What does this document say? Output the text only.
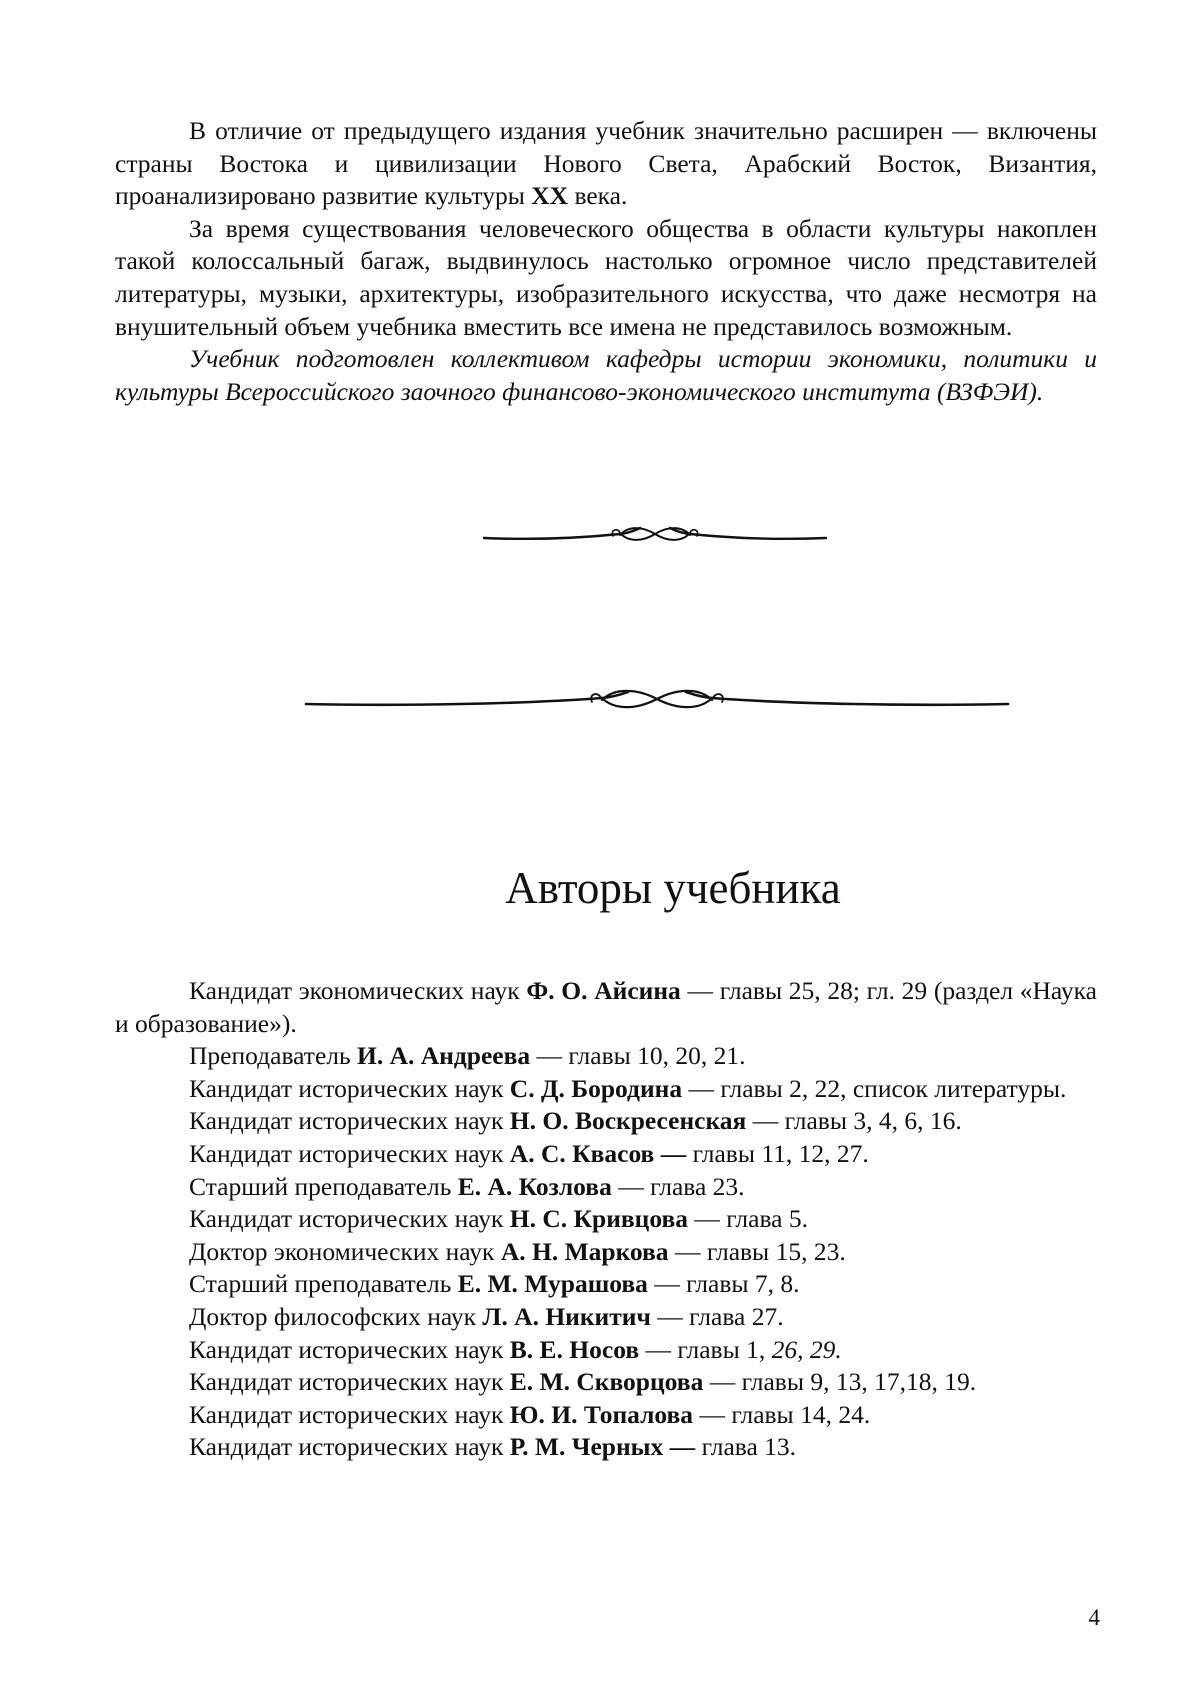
В отличие от предыдущего издания учебник значительно расширен — включены страны Востока и цивилизации Нового Света, Арабский Восток, Византия, проанализировано развитие культуры XX века.

За время существования человеческого общества в области культуры накоплен такой колоссальный багаж, выдвинулось настолько огромное число представителей литературы, музыки, архитектуры, изобразительного искусства, что даже несмотря на внушительный объем учебника вместить все имена не представилось возможным.

Учебник подготовлен коллективом кафедры истории экономики, политики и культуры Всероссийского заочного финансово-экономического института (ВЗФЭИ).

Авторы учебника

Кандидат экономических наук Ф. О. Айсина — главы 25, 28; гл. 29 (раздел «Наука и образование»).

Преподаватель И. А. Андреева — главы 10, 20, 21.

Кандидат исторических наук С. Д. Бородина — главы 2, 22, список литературы.

Кандидат исторических наук Н. О. Воскресенская — главы 3, 4, 6, 16.

Кандидат исторических наук А. С. Квасов — главы 11, 12, 27.

Старший преподаватель Е. А. Козлова — глава 23.

Кандидат исторических наук Н. С. Кривцова — глава 5.

Доктор экономических наук А. Н. Маркова — главы 15, 23.

Старший преподаватель Е. М. Мурашова — главы 7, 8.

Доктор философских наук Л. А. Никитич — глава 27.

Кандидат исторических наук В. Е. Носов — главы 1, 26, 29.

Кандидат исторических наук Е. М. Скворцова — главы 9, 13, 17,18, 19.

Кандидат исторических наук Ю. И. Топалова — главы 14, 24.

Кандидат исторических наук Р. М. Черных — глава 13.

4
